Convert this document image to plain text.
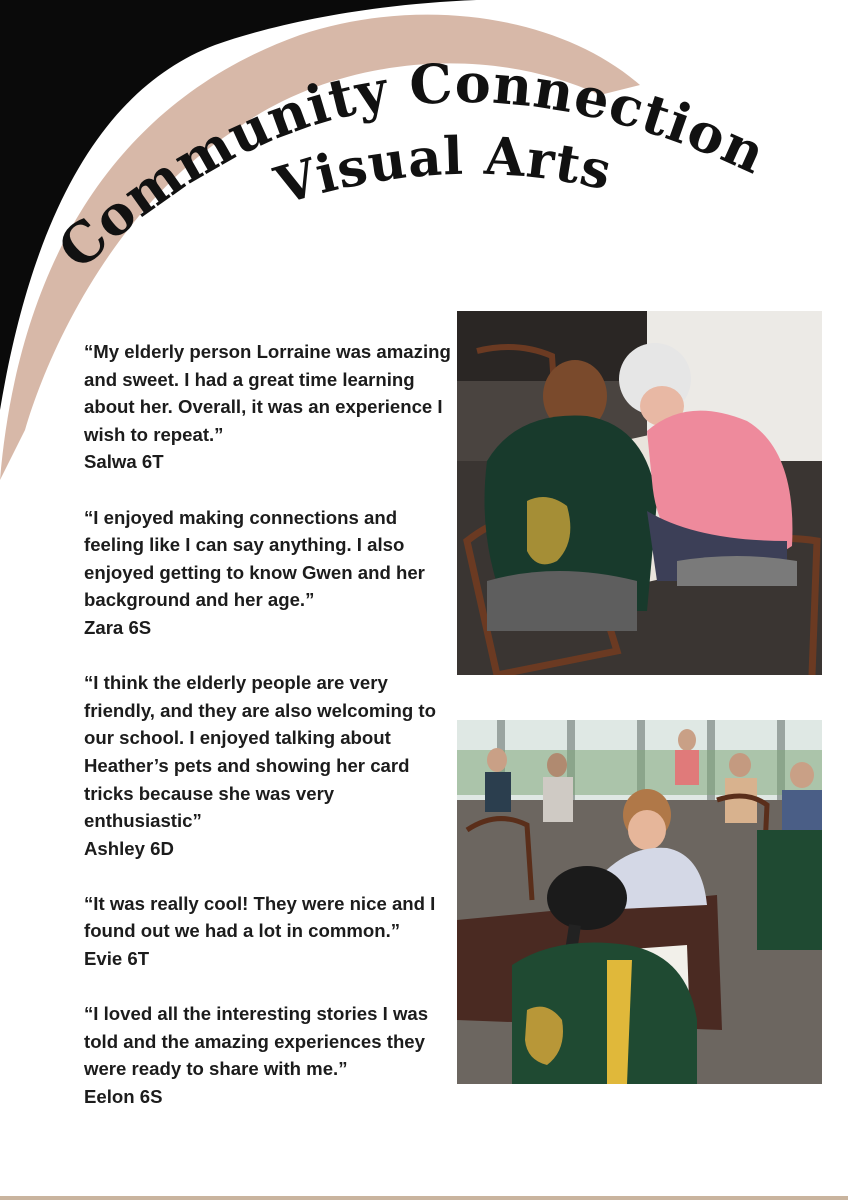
Community Connection
Visual Arts
“My elderly person Lorraine was amazing and sweet. I had a great time learning about her. Overall, it was an experience I wish to repeat.”
Salwa 6T
“I enjoyed making connections and feeling like I can say anything. I also enjoyed getting to know Gwen and her background and her age.”
Zara 6S
“I think the elderly people are very friendly, and they are also welcoming to our school. I enjoyed talking about Heather’s pets and showing her card tricks because she was very enthusiastic”
Ashley 6D
“It was really cool! They were nice and I found out we had a lot in common.”
Evie 6T
“I loved all the interesting stories I was told and the amazing experiences they were ready to share with me.”
Eelon 6S
